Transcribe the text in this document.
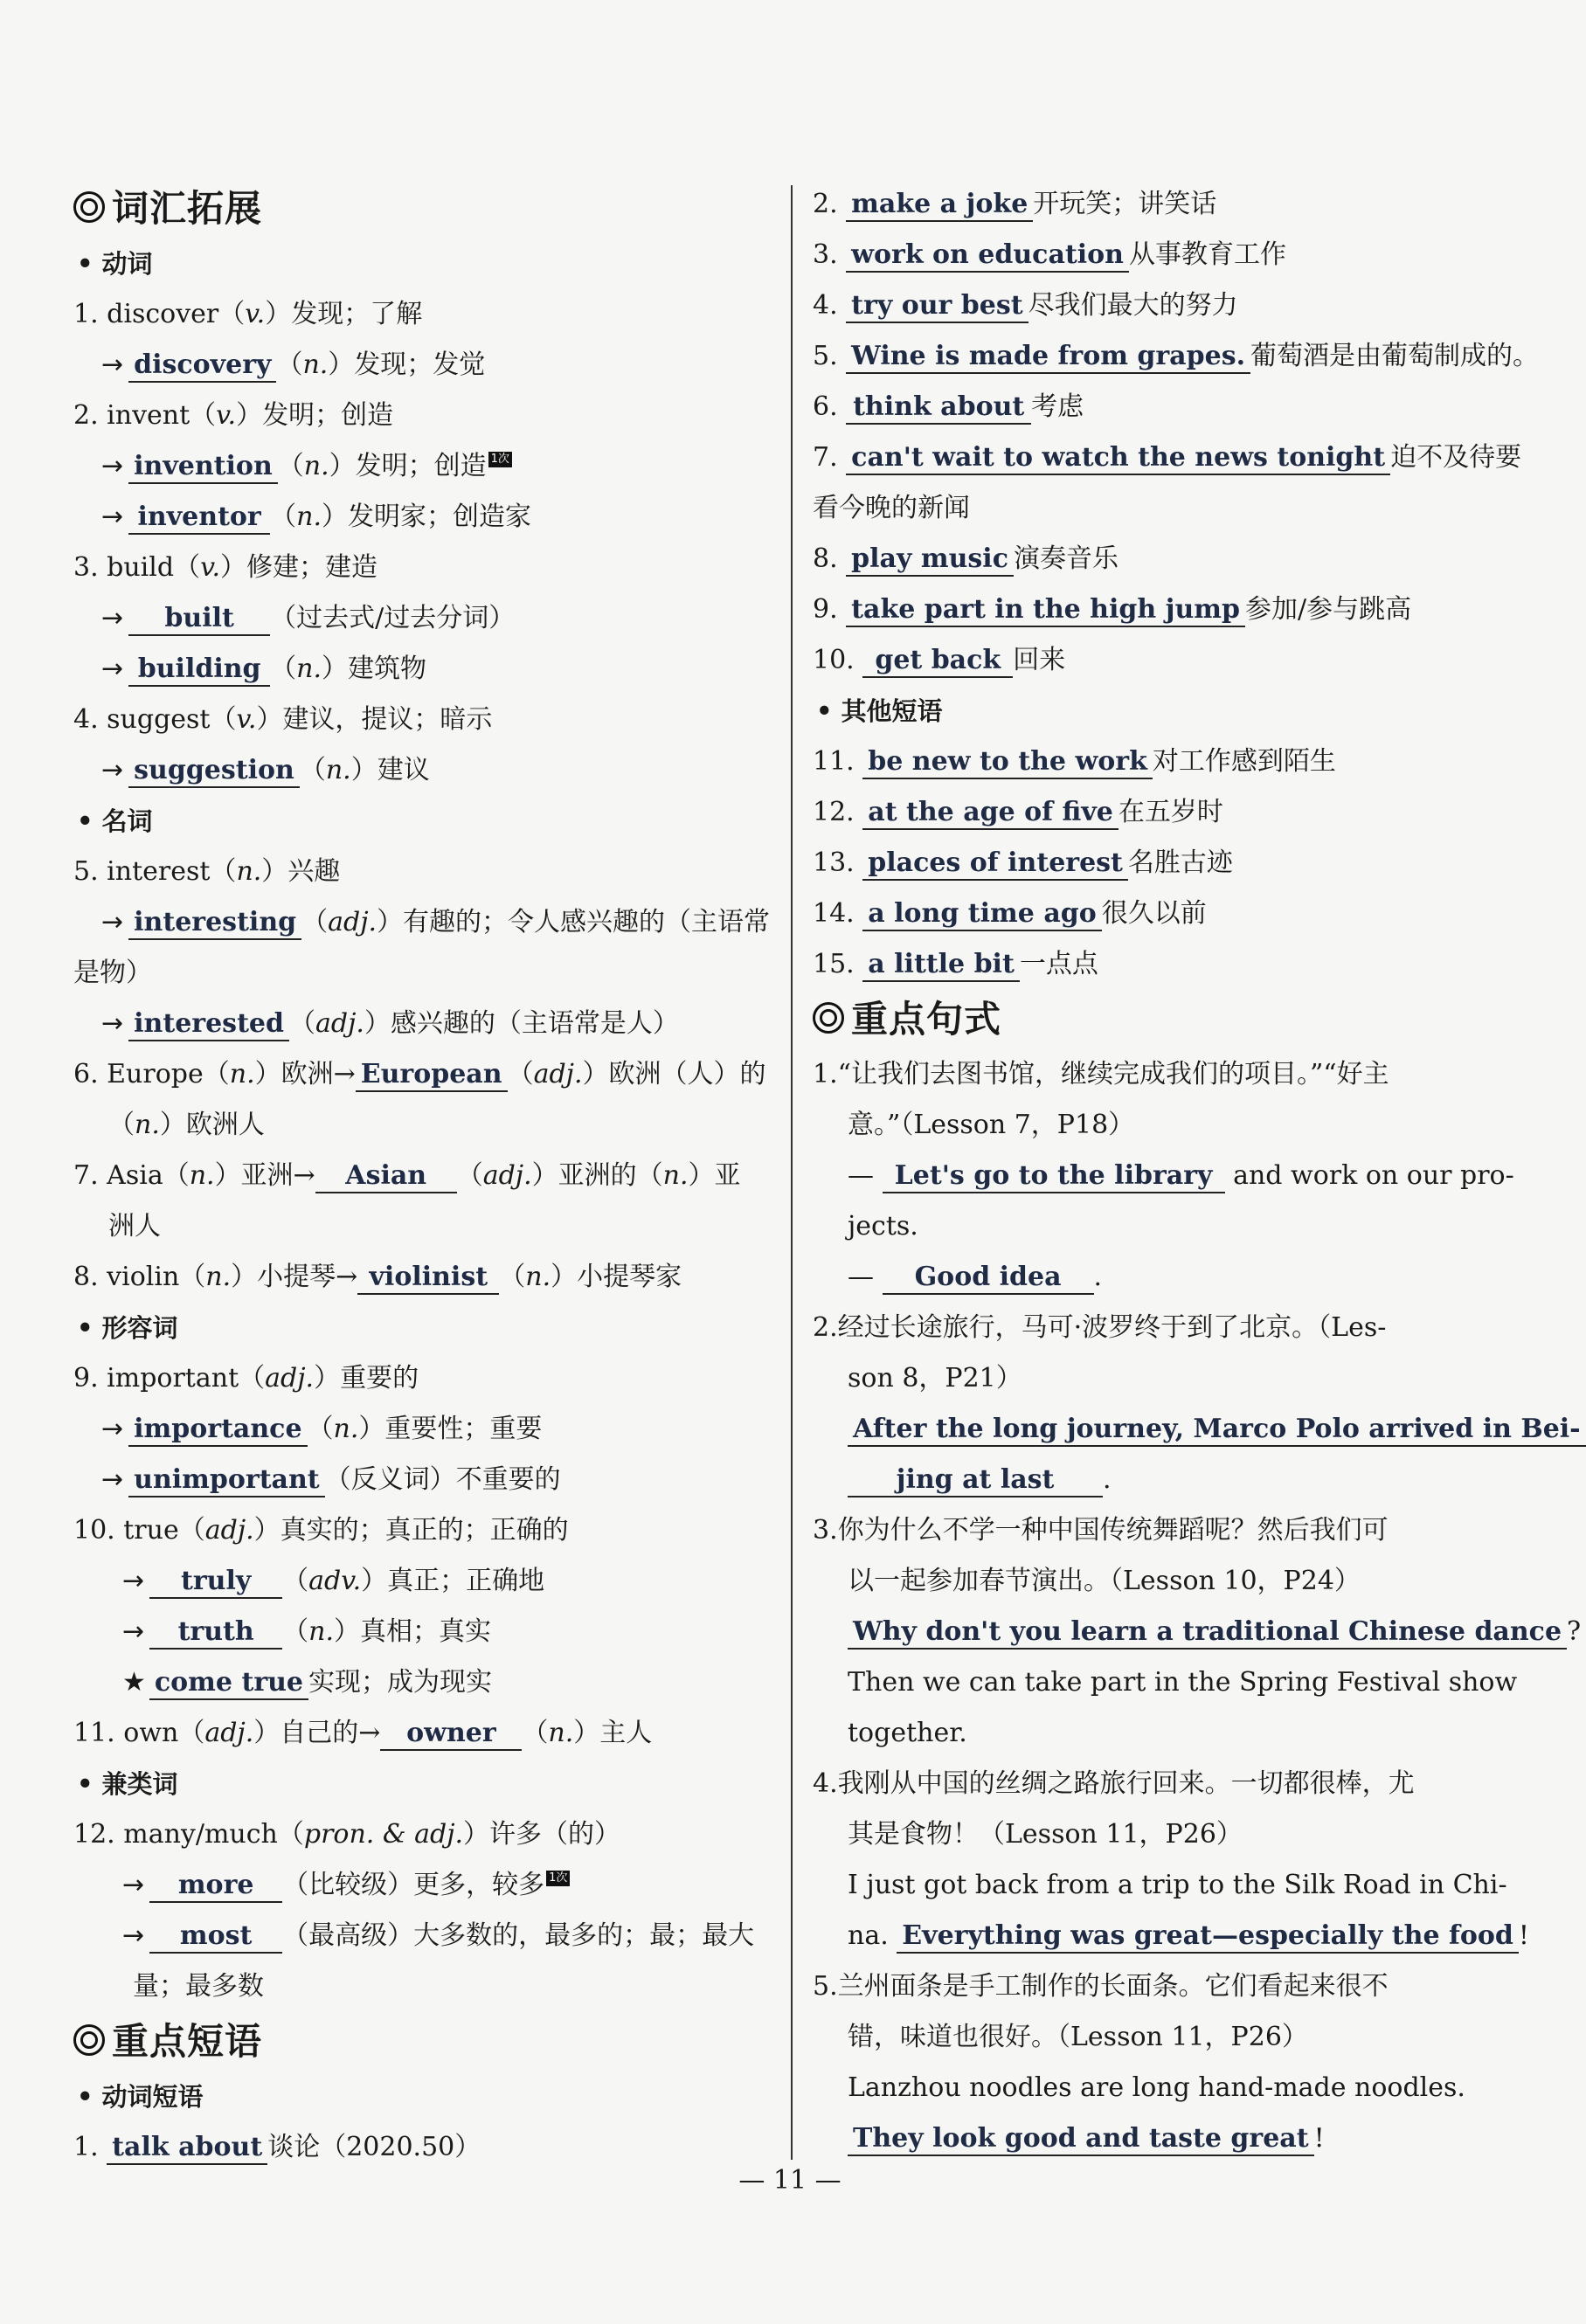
词汇拓展
• 动词
1. discover（v.）发现；了解
→ discovery （n.）发现；发觉
2. invent（v.）发明；创造
→ invention （n.）发明；创造 1次
→ inventor （n.）发明家；创造家
3. build（v.）修建；建造
→ built （过去式/过去分词）
→ building （n.）建筑物
4. suggest（v.）建议，提议；暗示
→ suggestion （n.）建议
• 名词
5. interest（n.）兴趣
→ interesting （adj.）有趣的；令人感兴趣的（主语常
是物）
→ interested （adj.）感兴趣的（主语常是人）
6. Europe（n.）欧洲→ European （adj.）欧洲（人）的
（n.）欧洲人
7. Asia（n.）亚洲→ Asian （adj.）亚洲的（n.）亚
洲人
8. violin（n.）小提琴→ violinist （n.）小提琴家
• 形容词
9. important（adj.）重要的
→ importance （n.）重要性；重要
→ unimportant （反义词）不重要的
10. true（adj.）真实的；真正的；正确的
→ truly （adv.）真正；正确地
→ truth （n.）真相；真实
★ come true 实现；成为现实
11. own（adj.）自己的→ owner （n.）主人
• 兼类词
12. many/much（pron. & adj.）许多（的）
→ more （比较级）更多，较多 1次
→ most （最高级）大多数的，最多的；最；最大
量；最多数
重点短语
• 动词短语
1. talk about 谈论（2020.50）
2. make a joke 开玩笑；讲笑话
3. work on education 从事教育工作
4. try our best 尽我们最大的努力
5. Wine is made from grapes. 葡萄酒是由葡萄制成的。
6. think about 考虑
7. can't wait to watch the news tonight 迫不及待要
看今晚的新闻
8. play music 演奏音乐
9. take part in the high jump 参加/参与跳高
10. get back 回来
• 其他短语
11. be new to the work 对工作感到陌生
12. at the age of five 在五岁时
13. places of interest 名胜古迹
14. a long time ago 很久以前
15. a little bit 一点点
重点句式
1.“让我们去图书馆，继续完成我们的项目。”“好主
意。”（Lesson 7，P18）
— Let's go to the library and work on our pro-
jects.
— Good idea .
2.经过长途旅行，马可·波罗终于到了北京。（Les-
son 8，P21）
After the long journey, Marco Polo arrived in Bei-
jing at last .
3.你为什么不学一种中国传统舞蹈呢？然后我们可
以一起参加春节演出。（Lesson 10，P24）
Why don't you learn a traditional Chinese dance ?
Then we can take part in the Spring Festival show
together.
4.我刚从中国的丝绸之路旅行回来。一切都很棒，尤
其是食物！（Lesson 11，P26）
I just got back from a trip to the Silk Road in Chi-
na. Everything was great—especially the food !
5.兰州面条是手工制作的长面条。它们看起来很不
错，味道也很好。（Lesson 11，P26）
Lanzhou noodles are long hand-made noodles.
They look good and taste great !
— 11 —
